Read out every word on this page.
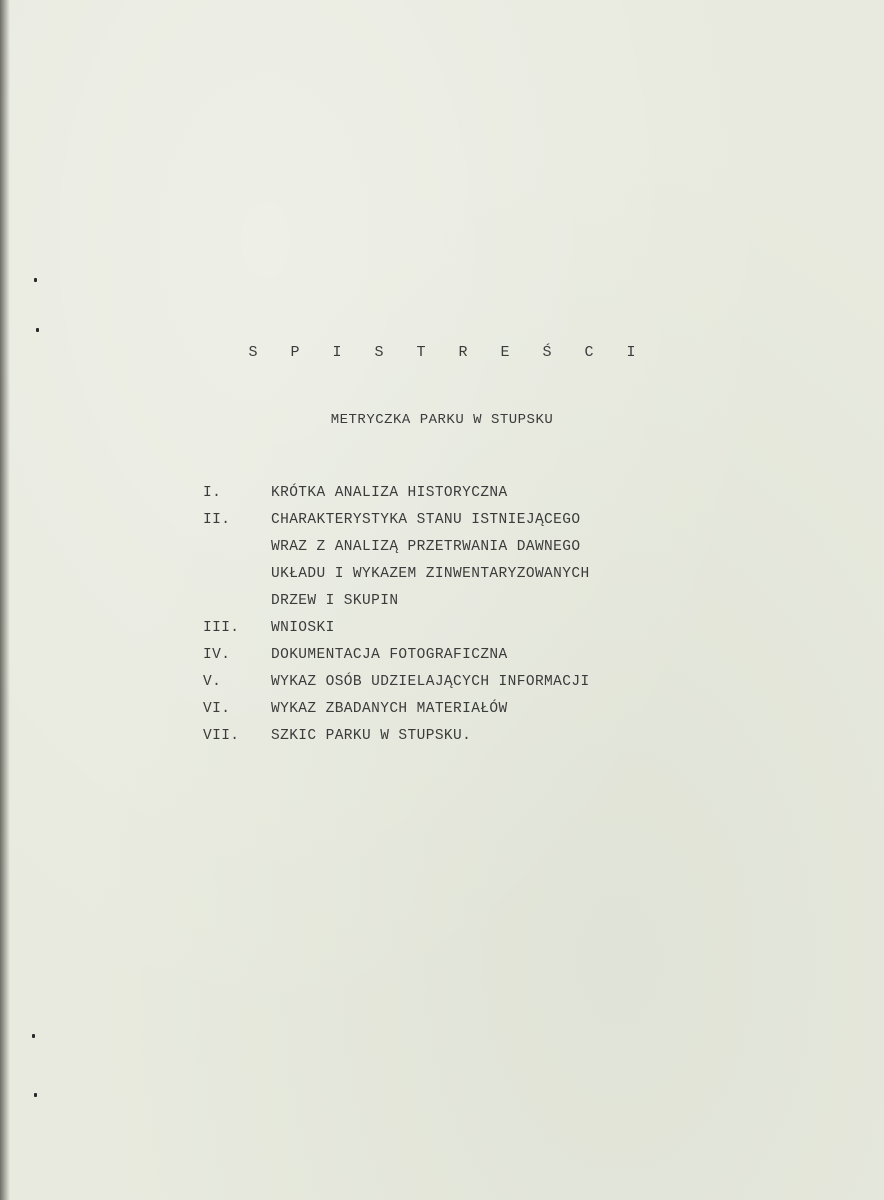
S P I S T R E Ś C I
METRYCZKA PARKU W STUPSKU
I.	KRÓTKA ANALIZA HISTORYCZNA
II.	CHARAKTERYSTYKA STANU ISTNIEJĄCEGO
WRAZ Z ANALIZĄ PRZETRWANIA DAWNEGO
UKŁADU I WYKAZEM ZINWENTARYZOWANYCH
DRZEW I SKUPIN
III.	WNIOSKI
IV.	DOKUMENTACJA FOTOGRAFICZNA
V.	WYKAZ OSÓB UDZIELAJĄCYCH INFORMACJI
VI.	WYKAZ ZBADANYCH MATERIAŁÓW
VII.	SZKIC PARKU W STUPSKU.
